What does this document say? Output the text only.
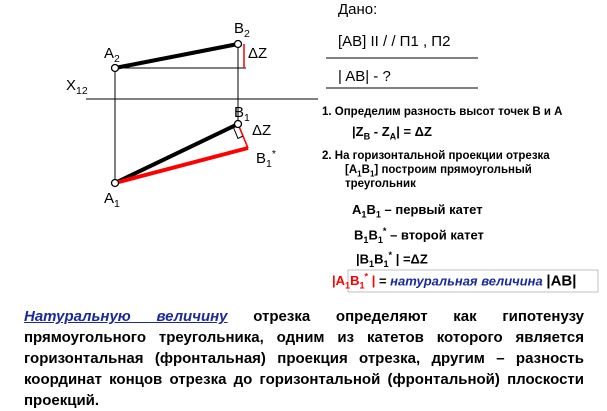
$X_{12}$
$A_2$
$B_2$
ΔZ
$B_1$
ΔZ
$B_1^*$
$A_1$
Дано:
[AB] II / / П1 , П2
| AB| - ?
1. Определим разность высот точек B и A
$|Z_B - Z_A| = \Delta Z$
2. На горизонтальной проекции отрезка
$[A_1B_1]$ построим прямоугольный
треугольник
$A_1B_1$ – первый катет
$B_1B_1^*$ – второй катет
$|B_1B_1^*$ | =ΔZ
$|A_1B_1^*$ | = натуральная величина |AB|
Натуральную величину отрезка определяют как гипотенузу прямоугольного треугольника, одним из катетов которого является горизонтальная (фронтальная) проекция отрезка, другим – разность координат концов отрезка до горизонтальной (фронтальной) плоскости проекций.
